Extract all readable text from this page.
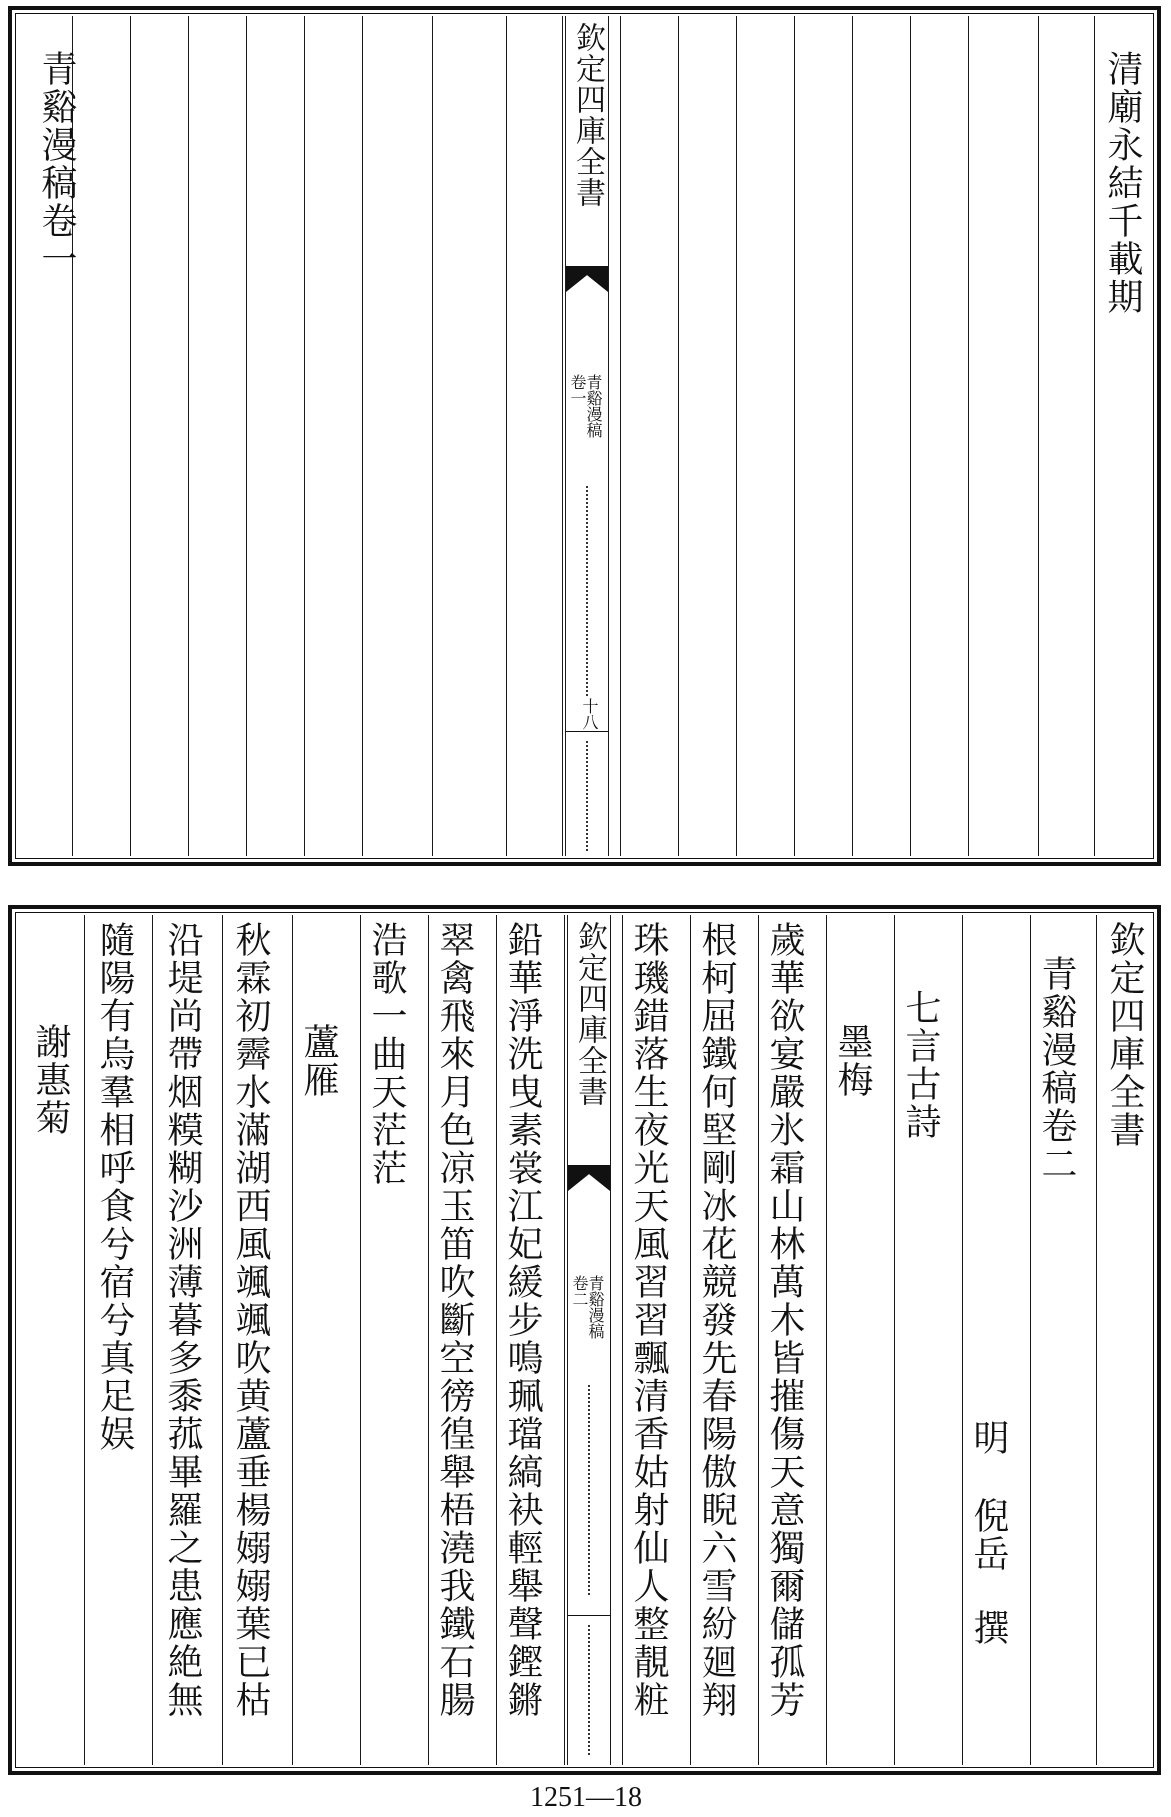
清廟永結千載期
欽定四庫全書
青谿漫稿
卷一
十八
青谿漫稿卷一
欽定四庫全書
青谿漫稿卷二
明
倪岳
撰
七言古詩
墨梅
歲華欲宴嚴氷霜山林萬木皆摧傷天意獨爾儲孤芳
根柯屈鐵何堅剛冰花競發先春陽傲睨六雪紛廻翔
珠璣錯落生夜光天風習習飄清香姑射仙人整靚粧
欽定四庫全書
青谿漫稿
卷二
鉛華淨洗曳素裳江妃緩步鳴珮璫縞袂輕舉聲鏗鏘
翠禽飛來月色凉玉笛吹斷空徬徨舉梧澆我鐵石腸
浩歌一曲天茫茫
蘆雁
秋霖初霽水滿湖西風颯颯吹黄蘆垂楊嫋嫋葉已枯
沿堤尚帶烟糢糊沙洲薄暮多黍菰畢羅之患應絶無
隨陽有烏羣相呼食兮宿兮真足娱
謝惠菊
1251—18
